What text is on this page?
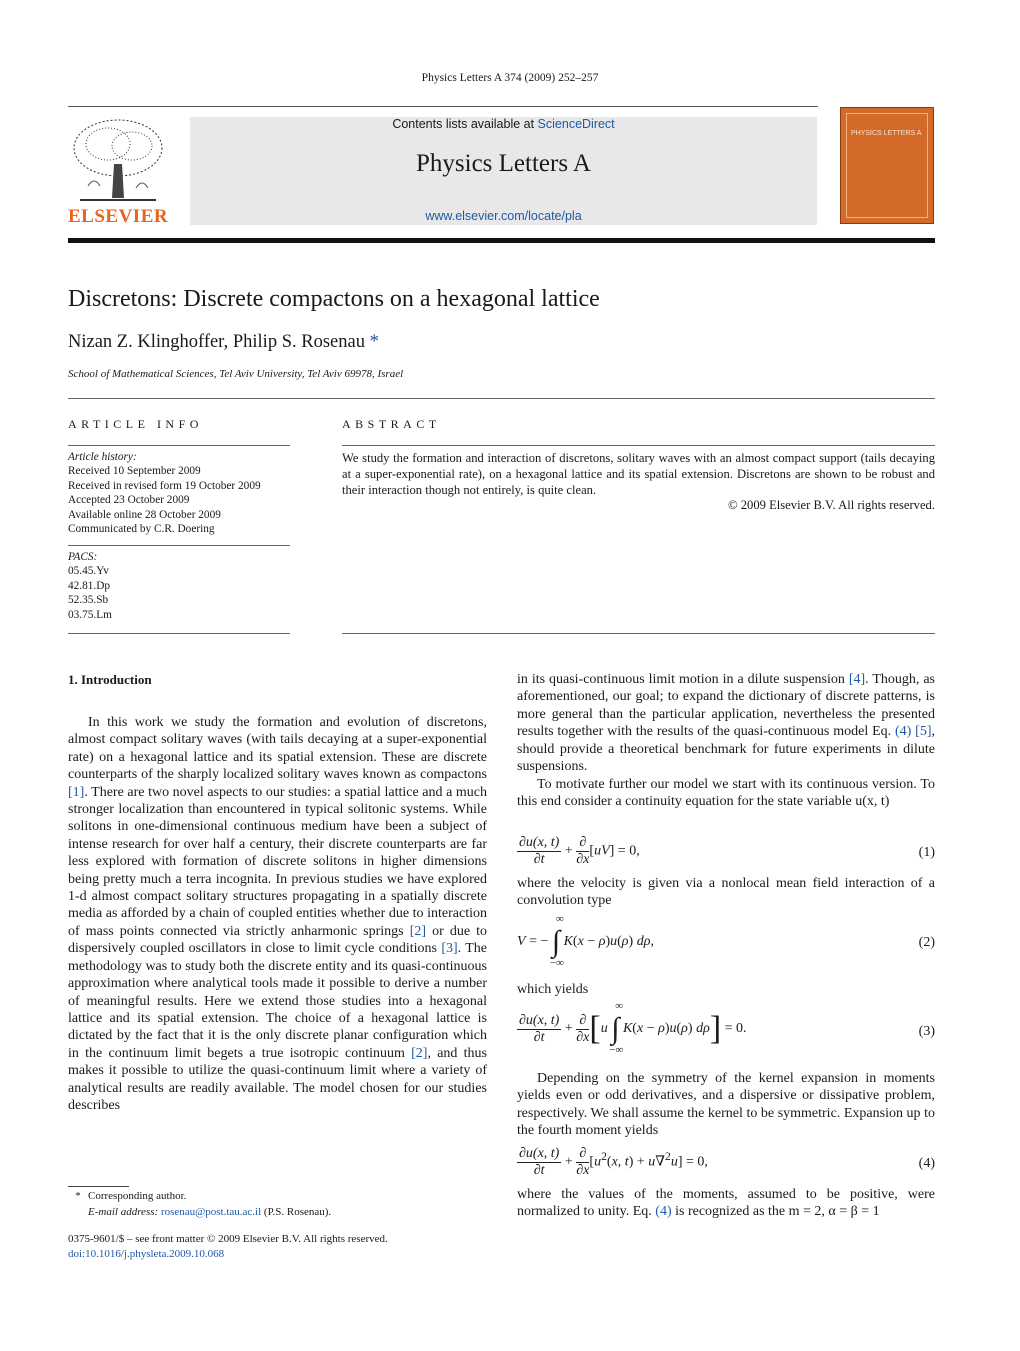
Physics Letters A 374 (2009) 252–257
ELSEVIER
Contents lists available at ScienceDirect
Physics Letters A
www.elsevier.com/locate/pla
PHYSICS LETTERS A
Discretons: Discrete compactons on a hexagonal lattice
Nizan Z. Klinghoffer, Philip S. Rosenau *
School of Mathematical Sciences, Tel Aviv University, Tel Aviv 69978, Israel
ARTICLE INFO	ABSTRACT
Article history:
Received 10 September 2009
Received in revised form 19 October 2009
Accepted 23 October 2009
Available online 28 October 2009
Communicated by C.R. Doering
PACS:
05.45.Yv
42.81.Dp
52.35.Sb
03.75.Lm
We study the formation and interaction of discretons, solitary waves with an almost compact support (tails decaying at a super-exponential rate), on a hexagonal lattice and its spatial extension. Discretons are shown to be robust and their interaction though not entirely, is quite clean.
© 2009 Elsevier B.V. All rights reserved.
1. Introduction
In this work we study the formation and evolution of discretons, almost compact solitary waves (with tails decaying at a super-exponential rate) on a hexagonal lattice and its spatial extension. These are discrete counterparts of the sharply localized solitary waves known as compactons [1]. There are two novel aspects to our studies: a spatial lattice and a much stronger localization than encountered in typical solitonic systems. While solitons in one-dimensional continuous medium have been a subject of intense research for over half a century, their discrete counterparts are far less explored with formation of discrete solitons in higher dimensions being pretty much a terra incognita. In previous studies we have explored 1-d almost compact solitary structures propagating in a spatially discrete media as afforded by a chain of coupled entities whether due to interaction of mass points connected via strictly anharmonic springs [2] or due to dispersively coupled oscillators in close to limit cycle conditions [3]. The methodology was to study both the discrete entity and its quasi-continuous approximation where analytical tools made it possible to derive a number of meaningful results. Here we extend those studies into a hexagonal lattice and its spatial extension. The choice of a hexagonal lattice is dictated by the fact that it is the only discrete planar configuration which in the continuum limit begets a true isotropic continuum [2], and thus makes it possible to utilize the quasi-continuum limit where a variety of analytical results are readily available. The model chosen for our studies describes
in its quasi-continuous limit motion in a dilute suspension [4]. Though, as aforementioned, our goal; to expand the dictionary of discrete patterns, is more general than the particular application, nevertheless the presented results together with the results of the quasi-continuous model Eq. (4) [5], should provide a theoretical benchmark for future experiments in dilute suspensions.
To motivate further our model we start with its continuous version. To this end consider a continuity equation for the state variable u(x, t)
$\frac{\partial u(x, t)}{\partial t} + \frac{\partial}{\partial x} [uV] = 0$,	(1)
where the velocity is given via a nonlocal mean field interaction of a convolution type
V = − ∫
∞
−∞
K(x − ρ)u(ρ) dρ,	(2)
which yields
$\frac{\partial u(x, t)}{\partial t} + \frac{\partial}{\partial x} [u$ ∫
∞
−∞
K(x − ρ)u(ρ) dρ] = 0.	(3)
Depending on the symmetry of the kernel expansion in moments yields even or odd derivatives, and a dispersive or dissipative problem, respectively. We shall assume the kernel to be symmetric. Expansion up to the fourth moment yields
$\frac{\partial u(x, t)}{\partial t} + \frac{\partial}{\partial x} [u^2(x$, t) + u∇$^2$u] = 0,	(4)
where the values of the moments, assumed to be positive, were normalized to unity. Eq. (4) is recognized as the m = 2, α = β = 1
* Corresponding author.
E-mail address: rosenau@post.tau.ac.il (P.S. Rosenau).
0375-9601/$ – see front matter © 2009 Elsevier B.V. All rights reserved.
doi:10.1016/j.physleta.2009.10.068
